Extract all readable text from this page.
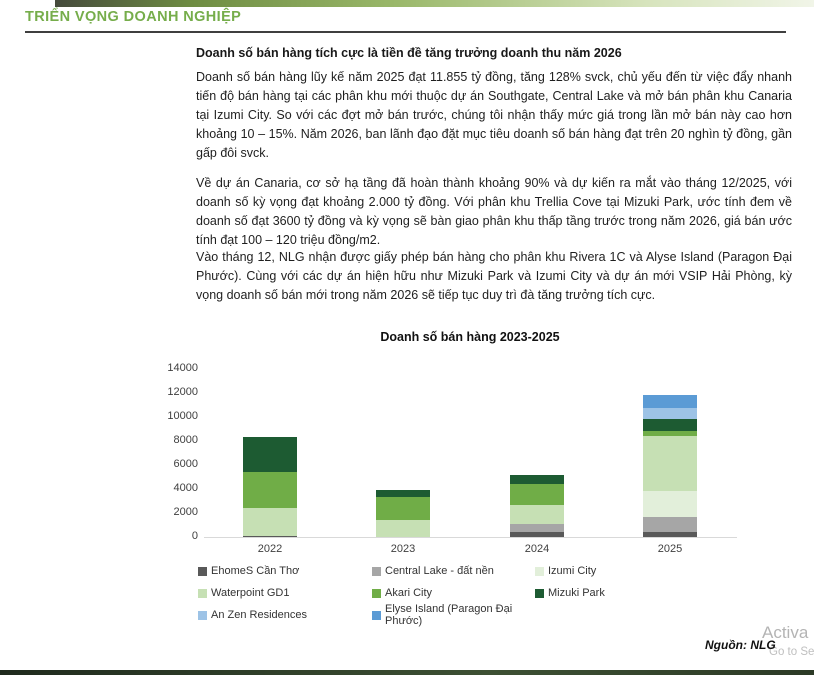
TRIỂN VỌNG DOANH NGHIỆP
Doanh số bán hàng tích cực là tiền đề tăng trưởng doanh thu năm 2026
Doanh số bán hàng lũy kế năm 2025 đạt 11.855 tỷ đồng, tăng 128% svck, chủ yếu đến từ việc đẩy nhanh tiến độ bán hàng tại các phân khu mới thuộc dự án Southgate, Central Lake và mở bán phân khu Canaria tại Izumi City. So với các đợt mở bán trước, chúng tôi nhận thấy mức giá trong lần mở bán này cao hơn khoảng 10 – 15%. Năm 2026, ban lãnh đạo đặt mục tiêu doanh số bán hàng đạt trên 20 nghìn tỷ đồng, gần gấp đôi svck.
Về dự án Canaria, cơ sở hạ tầng đã hoàn thành khoảng 90% và dự kiến ra mắt vào tháng 12/2025, với doanh số kỳ vọng đạt khoảng 2.000 tỷ đồng. Với phân khu Trellia Cove tại Mizuki Park, ước tính đem về doanh số đạt 3600 tỷ đồng và kỳ vọng sẽ bàn giao phân khu thấp tầng trước trong năm 2026, giá bán ước tính đạt 100 – 120 triệu đồng/m2.
Vào tháng 12, NLG nhận được giấy phép bán hàng cho phân khu Rivera 1C và Alyse Island (Paragon Đại Phước). Cùng với các dự án hiện hữu như Mizuki Park và Izumi City và dự án mới VSIP Hải Phòng, kỳ vọng doanh số bán mới trong năm 2026 sẽ tiếp tục duy trì đà tăng trưởng tích cực.
Doanh số bán hàng 2023-2025
0
2000
4000
6000
8000
10000
12000
14000
2022	2023	2024	2025
EhomeS Cần Thơ	Central Lake - đất nền	Izumi City
Waterpoint GD1	Akari City	Mizuki Park
An Zen Residences	Elyse Island (Paragon Đại Phước)
Activa
Go to Se
Nguồn: NLG
